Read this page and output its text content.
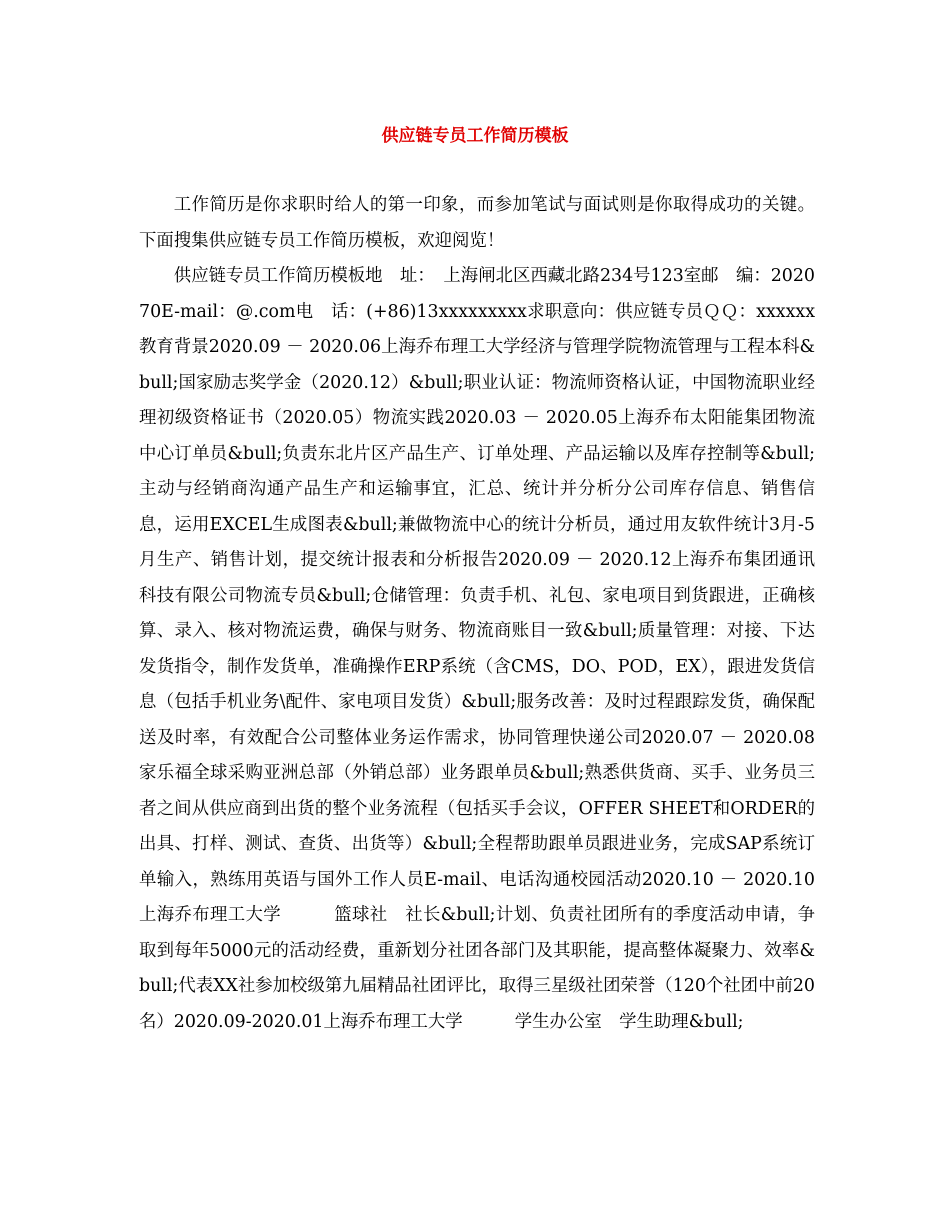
供应链专员工作简历模板

工作简历是你求职时给人的第一印象，而参加笔试与面试则是你取得成功的关键。下面搜集供应链专员工作简历模板，欢迎阅览！

供应链专员工作简历模板地　址：　上海闸北区西藏北路234号123室邮　编：202070E-mail：@.com电　话：(+86)13xxxxxxxxx求职意向：供应链专员ＱＱ：xxxxxx教育背景2020.09 － 2020.06上海乔布理工大学经济与管理学院物流管理与工程本科&bull;国家励志奖学金（2020.12）&bull;职业认证：物流师资格认证，中国物流职业经理初级资格证书（2020.05）物流实践2020.03 － 2020.05上海乔布太阳能集团物流中心订单员&bull;负责东北片区产品生产、订单处理、产品运输以及库存控制等&bull;主动与经销商沟通产品生产和运输事宜，汇总、统计并分析分公司库存信息、销售信息，运用EXCEL生成图表&bull;兼做物流中心的统计分析员，通过用友软件统计3月-5月生产、销售计划，提交统计报表和分析报告2020.09 － 2020.12上海乔布集团通讯科技有限公司物流专员&bull;仓储管理：负责手机、礼包、家电项目到货跟进，正确核算、录入、核对物流运费，确保与财务、物流商账目一致&bull;质量管理：对接、下达发货指令，制作发货单，准确操作ERP系统（含CMS，DO、POD，EX），跟进发货信息（包括手机业务\配件、家电项目发货）&bull;服务改善：及时过程跟踪发货，确保配送及时率，有效配合公司整体业务运作需求，协同管理快递公司2020.07 － 2020.08家乐福全球采购亚洲总部（外销总部）业务跟单员&bull;熟悉供货商、买手、业务员三者之间从供应商到出货的整个业务流程（包括买手会议，OFFER SHEET和ORDER的出具、打样、测试、查货、出货等）&bull;全程帮助跟单员跟进业务，完成SAP系统订单输入，熟练用英语与国外工作人员E-mail、电话沟通校园活动2020.10 － 2020.10上海乔布理工大学　　　篮球社　社长&bull;计划、负责社团所有的季度活动申请，争取到每年5000元的活动经费，重新划分社团各部门及其职能，提高整体凝聚力、效率&bull;代表XX社参加校级第九届精品社团评比，取得三星级社团荣誉（120个社团中前20名）2020.09-2020.01上海乔布理工大学　　　学生办公室　学生助理&bull;
